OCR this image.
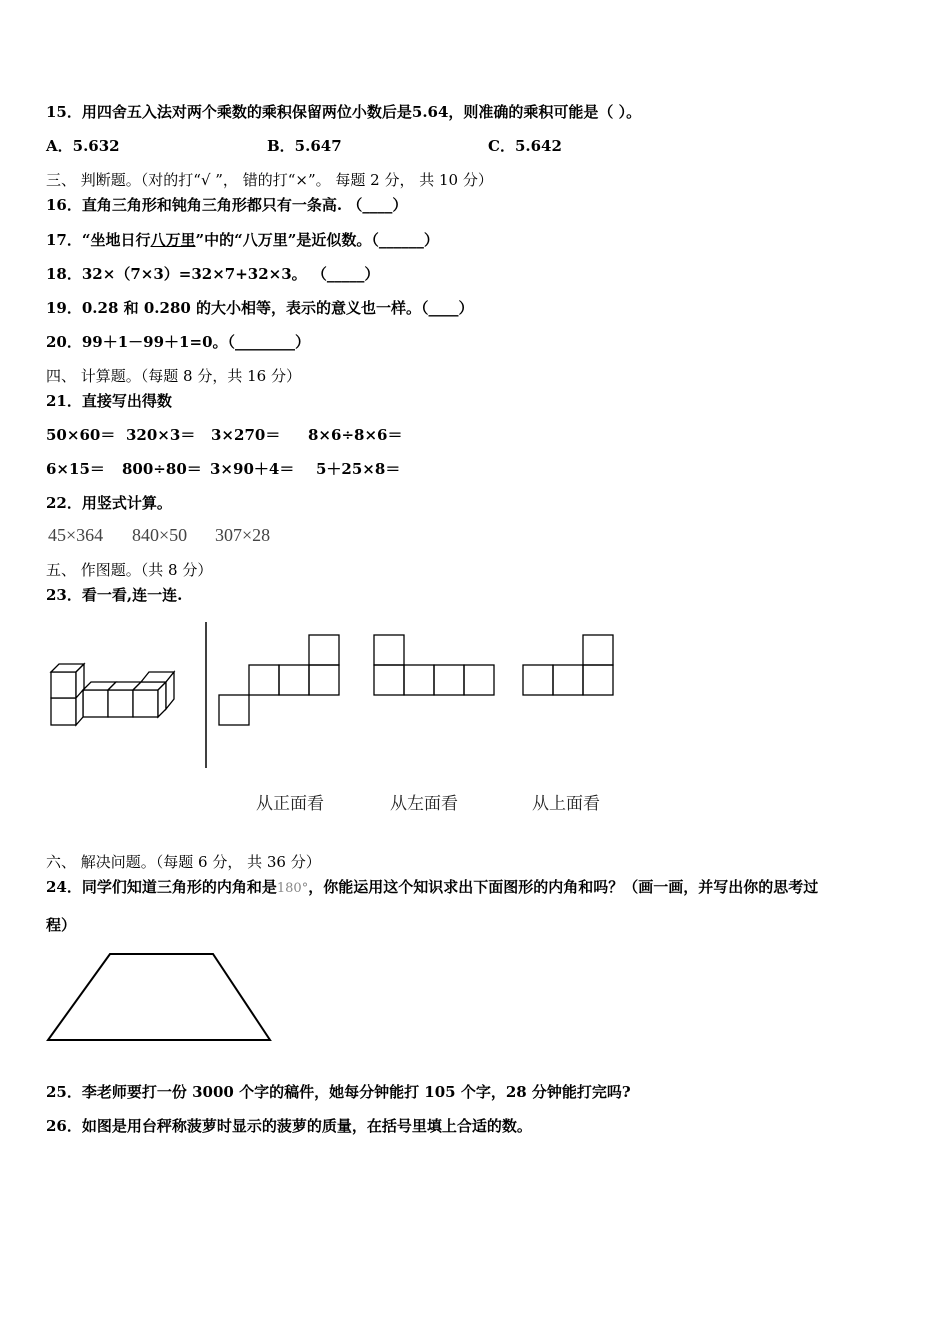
15．用四舍五入法对两个乘数的乘积保留两位小数后是5.64，则准确的乘积可能是（ ）。
A．5.632	B．5.647	C．5.642
三、 判断题。（对的打“√ ”， 错的打“×”。 每题 2 分， 共 10 分）
16．直角三角形和钝角三角形都只有一条高. （____）
17．“坐地日行八万里”中的“八万里”是近似数。（______）
18．32×（7×3）=32×7+32×3。 （_____）
19．0.28 和 0.280 的大小相等，表示的意义也一样。（____）
20．99＋1－99＋1=0。（________）
四、 计算题。（每题 8 分，共 16 分）
21．直接写出得数
50×60＝ 320×3＝ 3×270＝ 8×6÷8×6＝
6×15＝ 800÷80＝ 3×90＋4＝ 5＋25×8＝
22．用竖式计算。
45×364 840×50 307×28
五、 作图题。（共 8 分）
23．看一看,连一连.
从正面看	从左面看	从上面看
六、 解决问题。（每题 6 分， 共 36 分）
24．同学们知道三角形的内角和是180°，你能运用这个知识求出下面图形的内角和吗？（画一画，并写出你的思考过
程）
25．李老师要打一份 3000 个字的稿件，她每分钟能打 105 个字，28 分钟能打完吗?
26．如图是用台秤称菠萝时显示的菠萝的质量，在括号里填上合适的数。
